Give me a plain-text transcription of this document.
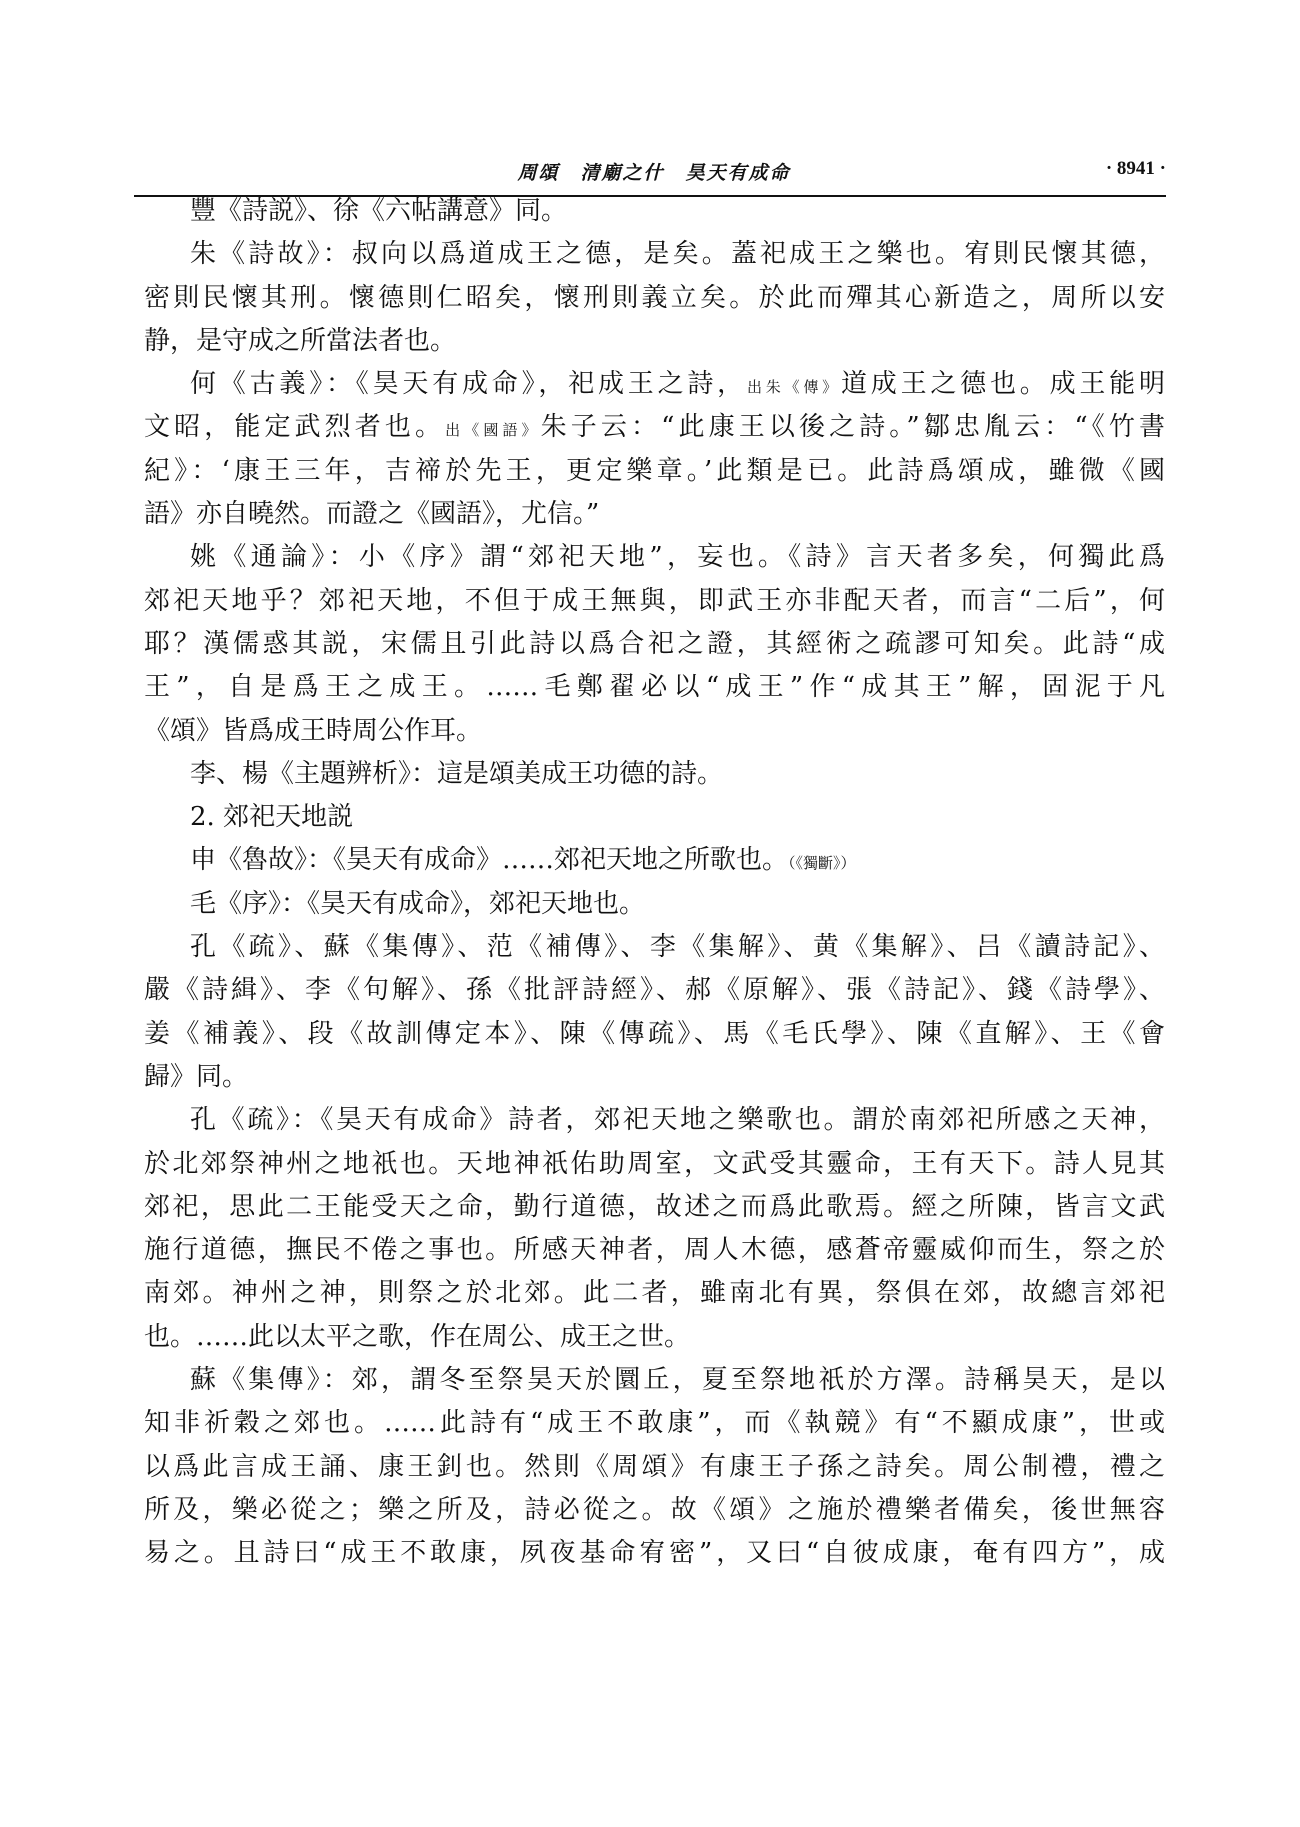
周頌　清廟之什　昊天有成命	· 8941 ·
豐《詩説》、徐《六帖講意》同。
朱《詩故》：叔向以爲道成王之德，是矣。蓋祀成王之樂也。宥則民懷其德，
密則民懷其刑。懷德則仁昭矣，懷刑則義立矣。於此而殫其心新造之，周所以安
静，是守成之所當法者也。
何《古義》：《昊天有成命》，祀成王之詩，出朱《傳》道成王之德也。成王能明
文昭，能定武烈者也。出《國語》朱子云：“此康王以後之詩。”鄒忠胤云：“《竹書
紀》：‘康王三年，吉禘於先王，更定樂章。’此類是已。此詩爲頌成，雖微《國
語》亦自曉然。而證之《國語》，尤信。”
姚《通論》：小《序》謂“郊祀天地”，妄也。《詩》言天者多矣，何獨此爲
郊祀天地乎？郊祀天地，不但于成王無與，即武王亦非配天者，而言“二后”，何
耶？漢儒惑其説，宋儒且引此詩以爲合祀之證，其經術之疏謬可知矣。此詩“成
王”，自是爲王之成王。……毛鄭翟必以“成王”作“成其王”解，固泥于凡
《頌》皆爲成王時周公作耳。
李、楊《主題辨析》：這是頌美成王功德的詩。
2. 郊祀天地説
申《魯故》：《昊天有成命》……郊祀天地之所歌也。（《獨斷》）
毛《序》：《昊天有成命》，郊祀天地也。
孔《疏》、蘇《集傳》、范《補傳》、李《集解》、黄《集解》、吕《讀詩記》、
嚴《詩緝》、李《句解》、孫《批評詩經》、郝《原解》、張《詩記》、錢《詩學》、
姜《補義》、段《故訓傳定本》、陳《傳疏》、馬《毛氏學》、陳《直解》、王《會
歸》同。
孔《疏》：《昊天有成命》詩者，郊祀天地之樂歌也。謂於南郊祀所感之天神，
於北郊祭神州之地祇也。天地神祇佑助周室，文武受其靈命，王有天下。詩人見其
郊祀，思此二王能受天之命，勤行道德，故述之而爲此歌焉。經之所陳，皆言文武
施行道德，撫民不倦之事也。所感天神者，周人木德，感蒼帝靈威仰而生，祭之於
南郊。神州之神，則祭之於北郊。此二者，雖南北有異，祭俱在郊，故總言郊祀
也。……此以太平之歌，作在周公、成王之世。
蘇《集傳》：郊，謂冬至祭昊天於圜丘，夏至祭地祇於方澤。詩稱昊天，是以
知非祈穀之郊也。……此詩有“成王不敢康”，而《執競》有“不顯成康”，世或
以爲此言成王誦、康王釗也。然則《周頌》有康王子孫之詩矣。周公制禮，禮之
所及，樂必從之；樂之所及，詩必從之。故《頌》之施於禮樂者備矣，後世無容
易之。且詩曰“成王不敢康，夙夜基命宥密”，又曰“自彼成康，奄有四方”，成
